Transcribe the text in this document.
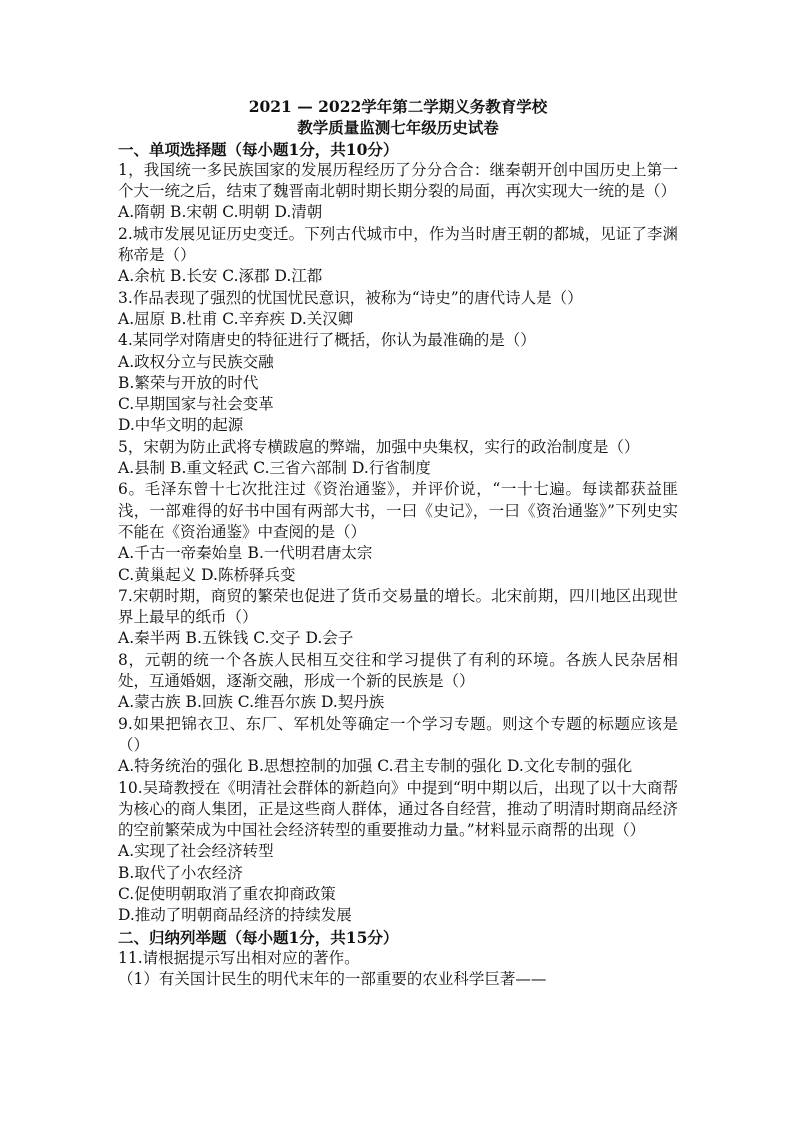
2021 — 2022学年第二学期义务教育学校
教学质量监测七年级历史试卷
一、单项选择题（每小题1分，共10分）

1，我国统一多民族国家的发展历程经历了分分合合：继秦朝开创中国历史上第一个大一统之后，结束了魏晋南北朝时期长期分裂的局面，再次实现大一统的是（）

A.隋朝 B.宋朝 C.明朝 D.清朝

2.城市发展见证历史变迁。下列古代城市中，作为当时唐王朝的都城，见证了李渊称帝是（）

A.余杭 B.长安 C.涿郡 D.江都

3.作品表现了强烈的忧国忧民意识，被称为“诗史”的唐代诗人是（）

A.屈原 B.杜甫 C.辛弃疾 D.关汉卿

4.某同学对隋唐史的特征进行了概括，你认为最准确的是（）

A.政权分立与民族交融

B.繁荣与开放的时代

C.早期国家与社会变革

D.中华文明的起源

5，宋朝为防止武将专横跋扈的弊端，加强中央集权，实行的政治制度是（）

A.县制 B.重文轻武 C.三省六部制 D.行省制度

6。毛泽东曾十七次批注过《资治通鉴》，并评价说，“一十七遍。每读都获益匪浅，一部难得的好书中国有两部大书，一曰《史记》，一曰《资治通鉴》”下列史实不能在《资治通鉴》中查阅的是（）

A.千古一帝秦始皇 B.一代明君唐太宗

C.黄巢起义 D.陈桥驿兵变

7.宋朝时期，商贸的繁荣也促进了货币交易量的增长。北宋前期，四川地区出现世界上最早的纸币（）

A.秦半两 B.五铢钱 C.交子 D.会子

8，元朝的统一个各族人民相互交往和学习提供了有利的环境。各族人民杂居相处，互通婚姻，逐渐交融，形成一个新的民族是（）

A.蒙古族 B.回族 C.维吾尔族 D.契丹族

9.如果把锦衣卫、东厂、军机处等确定一个学习专题。则这个专题的标题应该是（）

A.特务统治的强化 B.思想控制的加强 C.君主专制的强化 D.文化专制的强化

10.吴琦教授在《明清社会群体的新趋向》中提到“明中期以后，出现了以十大商帮为核心的商人集团，正是这些商人群体，通过各自经营，推动了明清时期商品经济的空前繁荣成为中国社会经济转型的重要推动力量。”材料显示商帮的出现（）

A.实现了社会经济转型

B.取代了小农经济

C.促使明朝取消了重农抑商政策

D.推动了明朝商品经济的持续发展

二、归纳列举题（每小题1分，共15分）

11.请根据提示写出相对应的著作。

（1）有关国计民生的明代末年的一部重要的农业科学巨著——
